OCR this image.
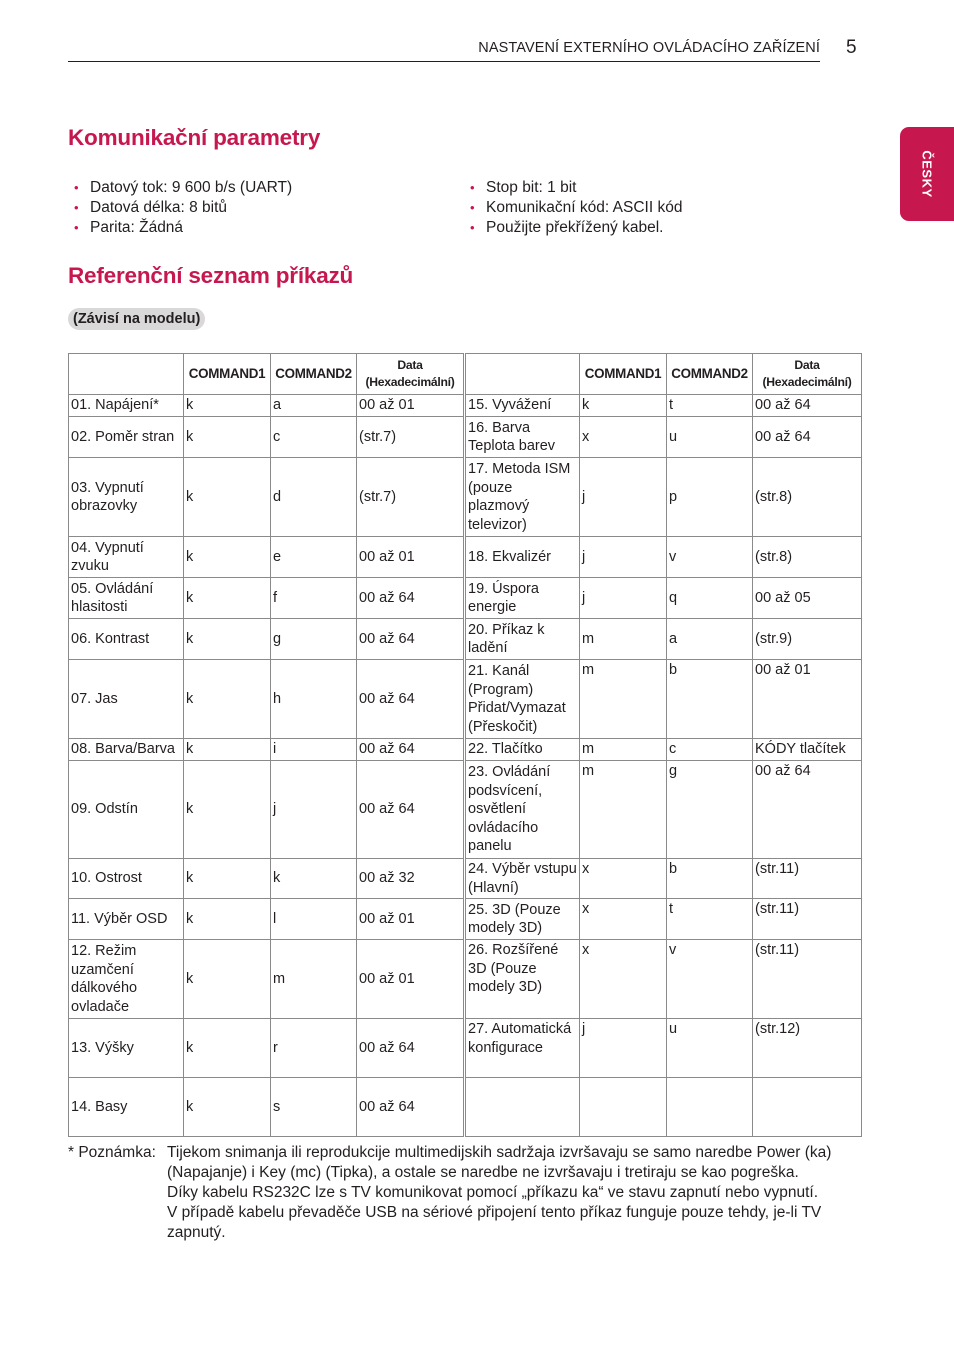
NASTAVENÍ EXTERNÍHO OVLÁDACÍHO ZAŘÍZENÍ 5
ČESKY
Komunikační parametry
• Datový tok: 9 600 b/s (UART)
• Datová délka: 8 bitů
• Parita: Žádná
• Stop bit: 1 bit
• Komunikační kód: ASCII kód
• Použijte překřížený kabel.
Referenční seznam příkazů
(Závisí na modelu)
	COMMAND1	COMMAND2	Data
(Hexadecimální)		COMMAND1	COMMAND2	Data
(Hexadecimální)

01. Napájení*	k	a	00 až 01	15. Vyvážení	k	t	00 až 64
02. Poměr stran	k	c	(str.7)	16. Barva Teplota barev	x	u	00 až 64
03. Vypnutí obrazovky	k	d	(str.7)	17. Metoda ISM (pouze plazmový televizor)	j	p	(str.8)
04. Vypnutí zvuku	k	e	00 až 01	18. Ekvalizér	j	v	(str.8)
05. Ovládání hlasitosti	k	f	00 až 64	19. Úspora energie	j	q	00 až 05
06. Kontrast	k	g	00 až 64	20. Příkaz k ladění	m	a	(str.9)
07. Jas	k	h	00 až 64	21. Kanál (Program) Přidat/Vymazat (Přeskočit)	m	b	00 až 01
08. Barva/Barva	k	i	00 až 64	22. Tlačítko	m	c	KÓDY tlačítek
09. Odstín	k	j	00 až 64	23. Ovládání podsvícení, osvětlení ovládacího panelu	m	g	00 až 64
10. Ostrost	k	k	00 až 32	24. Výběr vstupu (Hlavní)	x	b	(str.11)
11. Výběr OSD	k	l	00 až 01	25. 3D (Pouze modely 3D)	x	t	(str.11)
12. Režim uzamčení dálkového ovladače	k	m	00 až 01	26. Rozšířené 3D (Pouze modely 3D)	x	v	(str.11)
13. Výšky	k	r	00 až 64	27. Automatická konfigurace	j	u	(str.12)
14. Basy	k	s	00 až 64				
* Poznámka: Tijekom snimanja ili reprodukcije multimedijskih sadržaja izvršavaju se samo naredbe Power (ka) (Napajanje) i Key (mc) (Tipka), a ostale se naredbe ne izvršavaju i tretiraju se kao pogreška.
Díky kabelu RS232C lze s TV komunikovat pomocí „příkazu ka“ ve stavu zapnutí nebo vypnutí.
V případě kabelu převaděče USB na sériové připojení tento příkaz funguje pouze tehdy, je-li TV zapnutý.
